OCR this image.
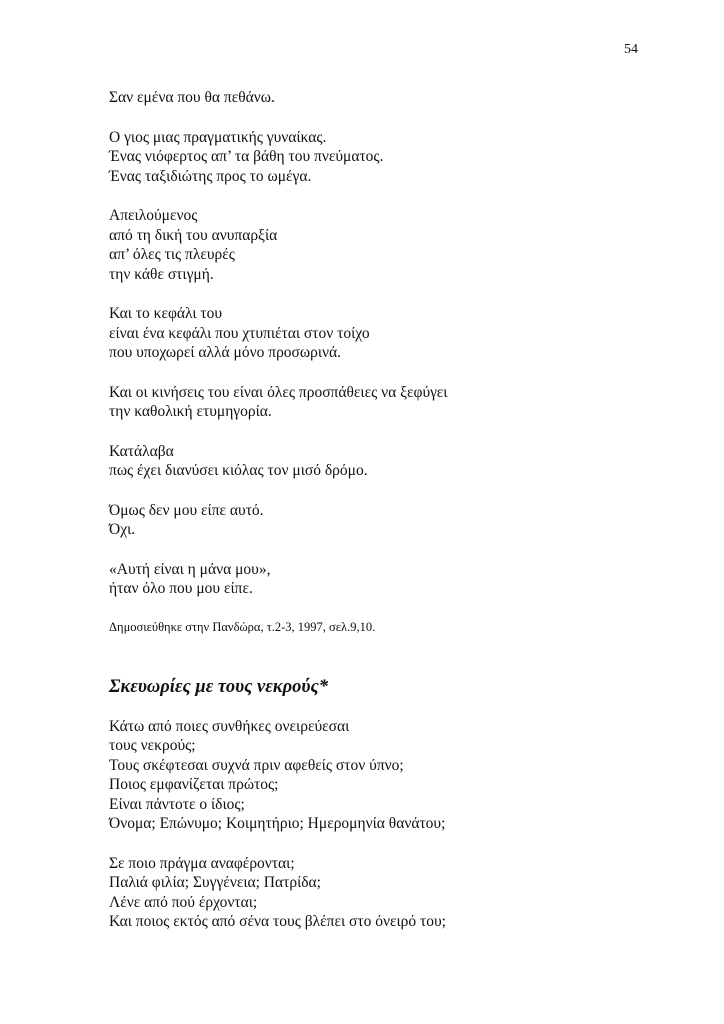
54
Σαν εμένα που θα πεθάνω.
Ο γιος μιας πραγματικής γυναίκας.
Ένας νιόφερτος απ’ τα βάθη του πνεύματος.
Ένας ταξιδιώτης προς το ωμέγα.
Απειλούμενος
από τη δική του ανυπαρξία
απ’ όλες τις πλευρές
την κάθε στιγμή.
Και το κεφάλι του
είναι ένα κεφάλι που χτυπιέται στον τοίχο
που υποχωρεί αλλά μόνο προσωρινά.
Και οι κινήσεις του είναι όλες προσπάθειες να ξεφύγει
την καθολική ετυμηγορία.
Κατάλαβα
πως έχει διανύσει κιόλας τον μισό δρόμο.
Όμως δεν μου είπε αυτό.
Όχι.
«Αυτή είναι η μάνα μου»,
ήταν όλο που μου είπε.
Δημοσιεύθηκε στην Πανδώρα, τ.2-3, 1997, σελ.9,10.
Σκευωρίες με τους νεκρούς*
Κάτω από ποιες συνθήκες ονειρεύεσαι
τους νεκρούς;
Τους σκέφτεσαι συχνά πριν αφεθείς στον ύπνο;
Ποιος εμφανίζεται πρώτος;
Είναι πάντοτε ο ίδιος;
Όνομα; Επώνυμο; Κοιμητήριο; Ημερομηνία θανάτου;
Σε ποιο πράγμα αναφέρονται;
Παλιά φιλία; Συγγένεια; Πατρίδα;
Λένε από πού έρχονται;
Και ποιος εκτός από σένα τους βλέπει στο όνειρό του;
